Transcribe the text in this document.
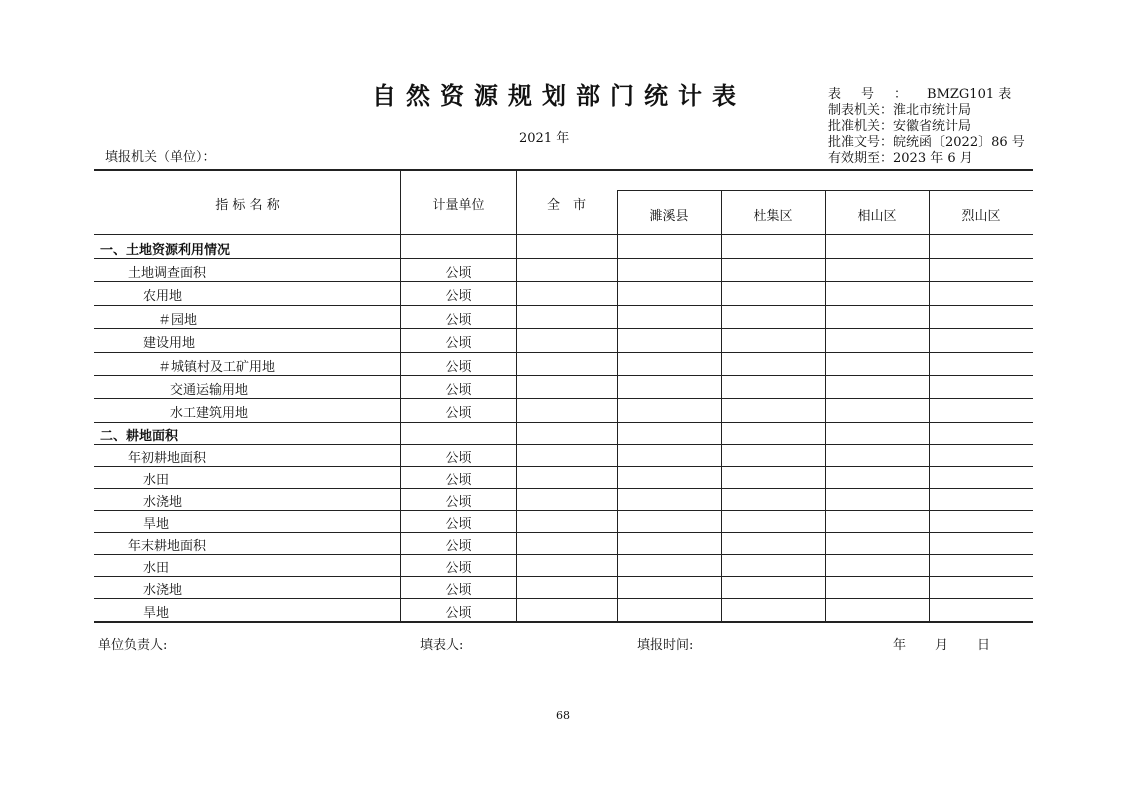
自然资源规划部门统计表
2021 年
填报机关（单位）：
表号：BMZG101 表
制表机关：淮北市统计局
批准机关：安徽省统计局
批准文号：皖统函〔2022〕86 号
有效期至：2023 年 6 月
指 标 名 称	计量单位	全　市
濉溪县	杜集区	相山区	烈山区
一、土地资源利用情况
土地调查面积	公顷
农用地	公顷
＃园地	公顷
建设用地	公顷
＃城镇村及工矿用地	公顷
交通运输用地	公顷
水工建筑用地	公顷
二、耕地面积
年初耕地面积	公顷
水田	公顷
水浇地	公顷
旱地	公顷
年末耕地面积	公顷
水田	公顷
水浇地	公顷
旱地	公顷
单位负责人:	填表人:	填报时间:	年 月 日
68
